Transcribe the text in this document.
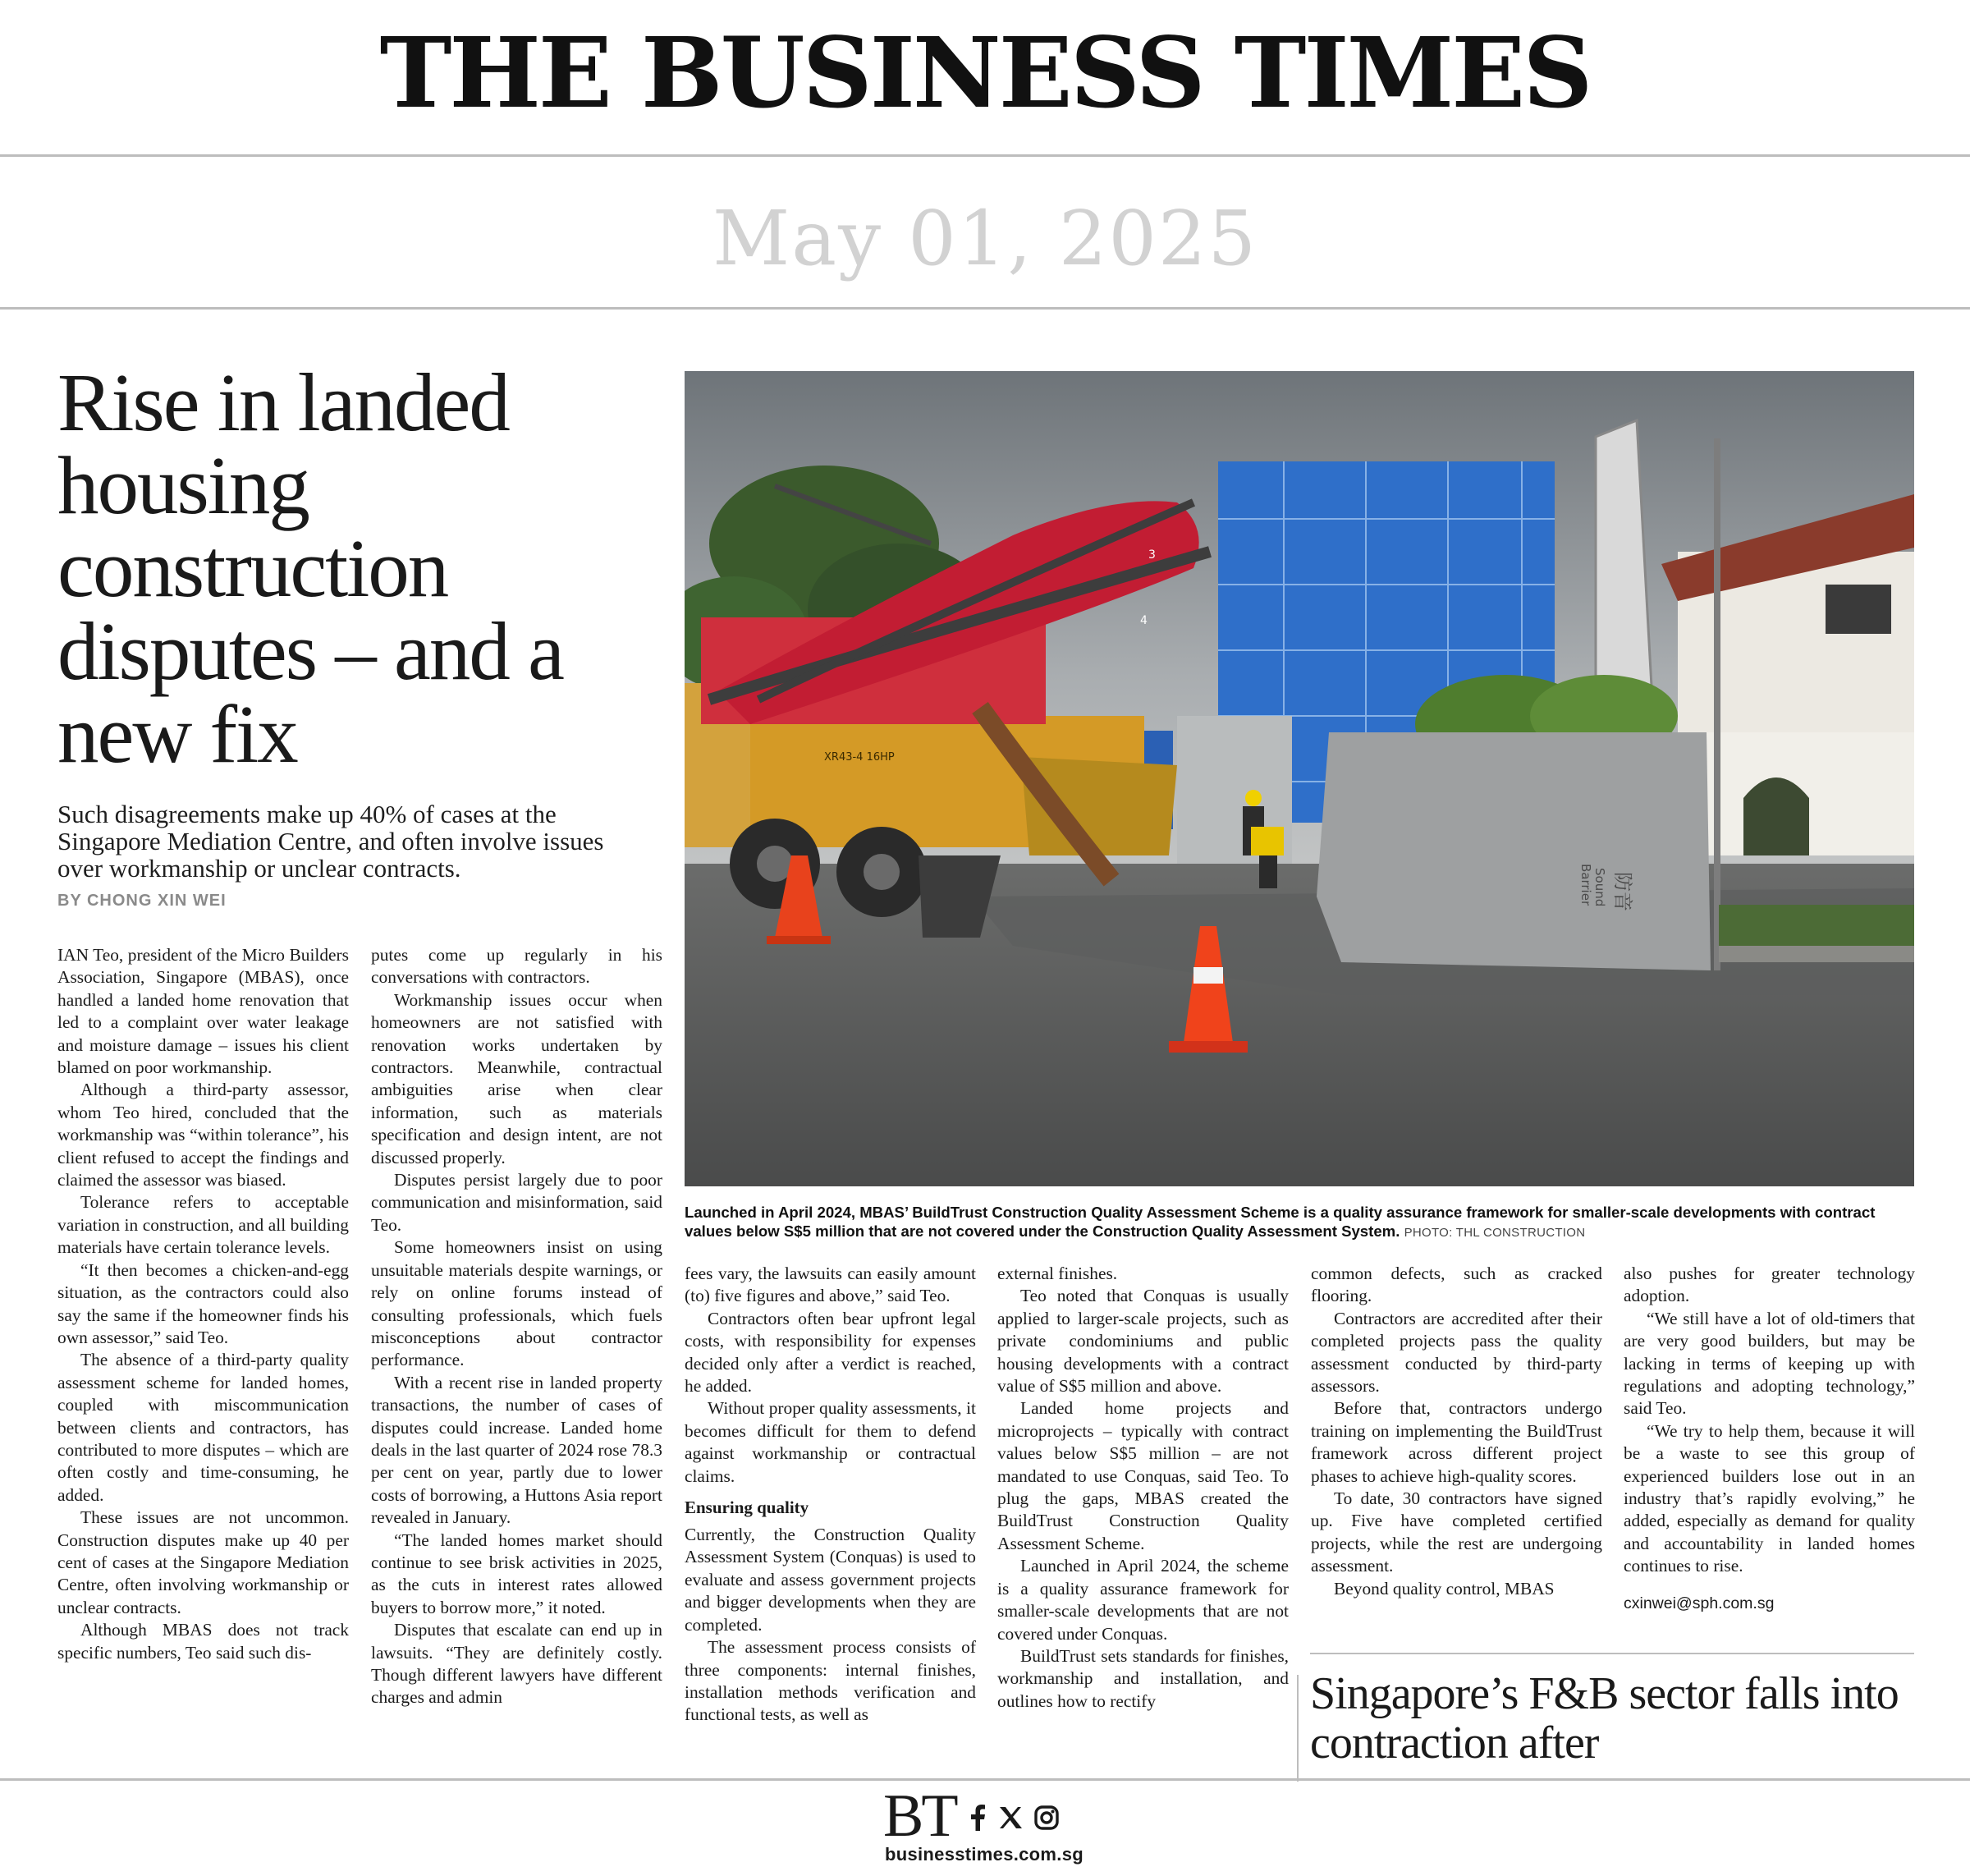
THE BUSINESS TIMES
May 01, 2025
Rise in landed housing construction disputes – and a new fix
Such disagreements make up 40% of cases at the Singapore Mediation Centre, and often involve issues over workmanship or unclear contracts.
BY CHONG XIN WEI
3
4
XR43-4 16HP
防音
Sound
Barrier
Launched in April 2024, MBAS’ BuildTrust Construction Quality Assessment Scheme is a quality assurance framework for smaller-scale developments with contract values below S$5 million that are not covered under the Construction Quality Assessment System. PHOTO: THL CONSTRUCTION

IAN Teo, president of the Micro Builders Association, Singapore (MBAS), once handled a landed home renovation that led to a complaint over water leakage and moisture damage – issues his client blamed on poor workmanship.

Although a third-party assessor, whom Teo hired, concluded that the workmanship was “within tolerance”, his client refused to accept the findings and claimed the assessor was biased.

Tolerance refers to acceptable variation in construction, and all building materials have certain tolerance levels.

“It then becomes a chicken-and-egg situation, as the contractors could also say the same if the homeowner finds his own assessor,” said Teo.

The absence of a third-party quality assessment scheme for landed homes, coupled with miscommunication between clients and contractors, has contributed to more disputes – which are often costly and time-consuming, he added.

These issues are not uncommon. Construction disputes make up 40 per cent of cases at the Singapore Mediation Centre, often involving workmanship or unclear contracts.

Although MBAS does not track specific numbers, Teo said such dis-

putes come up regularly in his conversations with contractors.

Workmanship issues occur when homeowners are not satisfied with renovation works undertaken by contractors. Meanwhile, contractual ambiguities arise when clear information, such as materials specification and design intent, are not discussed properly.

Disputes persist largely due to poor communication and misinformation, said Teo.

Some homeowners insist on using unsuitable materials despite warnings, or rely on online forums instead of consulting professionals, which fuels misconceptions about contractor performance.

With a recent rise in landed property transactions, the number of cases of disputes could increase. Landed home deals in the last quarter of 2024 rose 78.3 per cent on year, partly due to lower costs of borrowing, a Huttons Asia report revealed in January.

“The landed homes market should continue to see brisk activities in 2025, as the cuts in interest rates allowed buyers to borrow more,” it noted.

Disputes that escalate can end up in lawsuits. “They are definitely costly. Though different lawyers have different charges and admin

fees vary, the lawsuits can easily amount (to) five figures and above,” said Teo.

Contractors often bear upfront legal costs, with responsibility for expenses decided only after a verdict is reached, he added.

Without proper quality assessments, it becomes difficult for them to defend against workmanship or contractual claims.

Ensuring quality

Currently, the Construction Quality Assessment System (Conquas) is used to evaluate and assess government projects and bigger developments when they are completed.

The assessment process consists of three components: internal finishes, installation methods verification and functional tests, as well as

external finishes.

Teo noted that Conquas is usually applied to larger-scale projects, such as private condominiums and public housing developments with a contract value of S$5 million and above.

Landed home projects and microprojects – typically with contract values below S$5 million – are not mandated to use Conquas, said Teo. To plug the gaps, MBAS created the BuildTrust Construction Quality Assessment Scheme.

Launched in April 2024, the scheme is a quality assurance framework for smaller-scale developments that are not covered under Conquas.

BuildTrust sets standards for finishes, workmanship and installation, and outlines how to rectify

common defects, such as cracked flooring.

Contractors are accredited after their completed projects pass the quality assessment conducted by third-party assessors.

Before that, contractors undergo training on implementing the BuildTrust framework across different project phases to achieve high-quality scores.

To date, 30 contractors have signed up. Five have completed certified projects, while the rest are undergoing assessment.

Beyond quality control, MBAS

also pushes for greater technology adoption.

“We still have a lot of old-timers that are very good builders, but may be lacking in terms of keeping up with regulations and adopting technology,” said Teo.

“We try to help them, because it will be a waste to see this group of experienced builders lose out in an industry that’s rapidly evolving,” he added, especially as demand for quality and accountability in landed homes continues to rise.

cxinwei@sph.com.sg

Singapore’s F&B sector falls into contraction after
BT

businesstimes.com.sg
